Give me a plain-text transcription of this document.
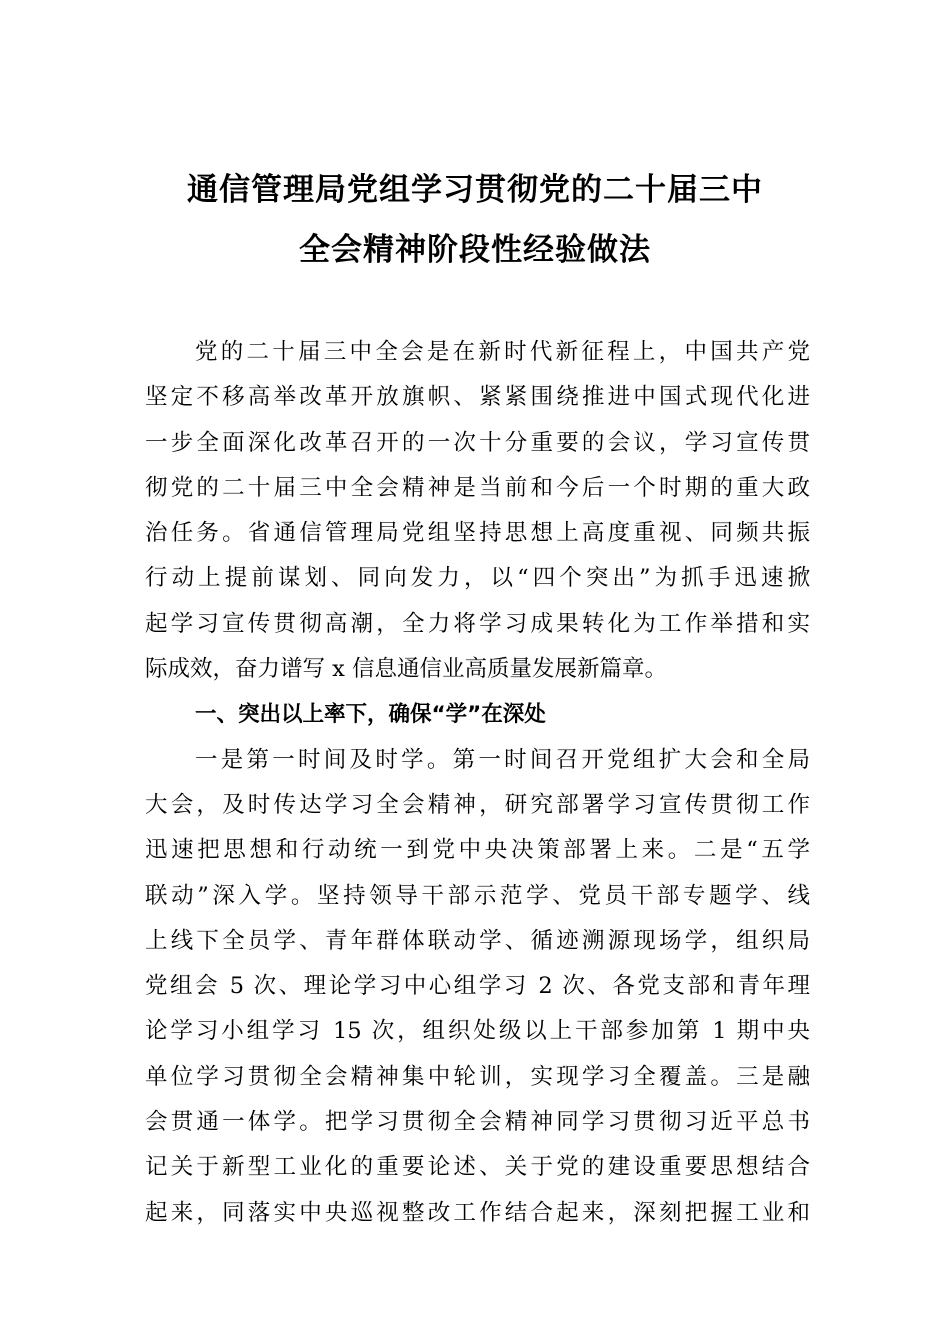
通信管理局党组学习贯彻党的二十届三中
全会精神阶段性经验做法
党的二十届三中全会是在新时代新征程上，中国共产党
坚定不移高举改革开放旗帜、紧紧围绕推进中国式现代化进
一步全面深化改革召开的一次十分重要的会议，学习宣传贯
彻党的二十届三中全会精神是当前和今后一个时期的重大政
治任务。省通信管理局党组坚持思想上高度重视、同频共振
行动上提前谋划、同向发力，以“四个突出”为抓手迅速掀
起学习宣传贯彻高潮，全力将学习成果转化为工作举措和实
际成效，奋力谱写 x 信息通信业高质量发展新篇章。
一、突出以上率下，确保“学”在深处
一是第一时间及时学。第一时间召开党组扩大会和全局
大会，及时传达学习全会精神，研究部署学习宣传贯彻工作
迅速把思想和行动统一到党中央决策部署上来。二是“五学
联动”深入学。坚持领导干部示范学、党员干部专题学、线
上线下全员学、青年群体联动学、循迹溯源现场学，组织局
党组会 5 次、理论学习中心组学习 2 次、各党支部和青年理
论学习小组学习 15 次，组织处级以上干部参加第 1 期中央
单位学习贯彻全会精神集中轮训，实现学习全覆盖。三是融
会贯通一体学。把学习贯彻全会精神同学习贯彻习近平总书
记关于新型工业化的重要论述、关于党的建设重要思想结合
起来，同落实中央巡视整改工作结合起来，深刻把握工业和
